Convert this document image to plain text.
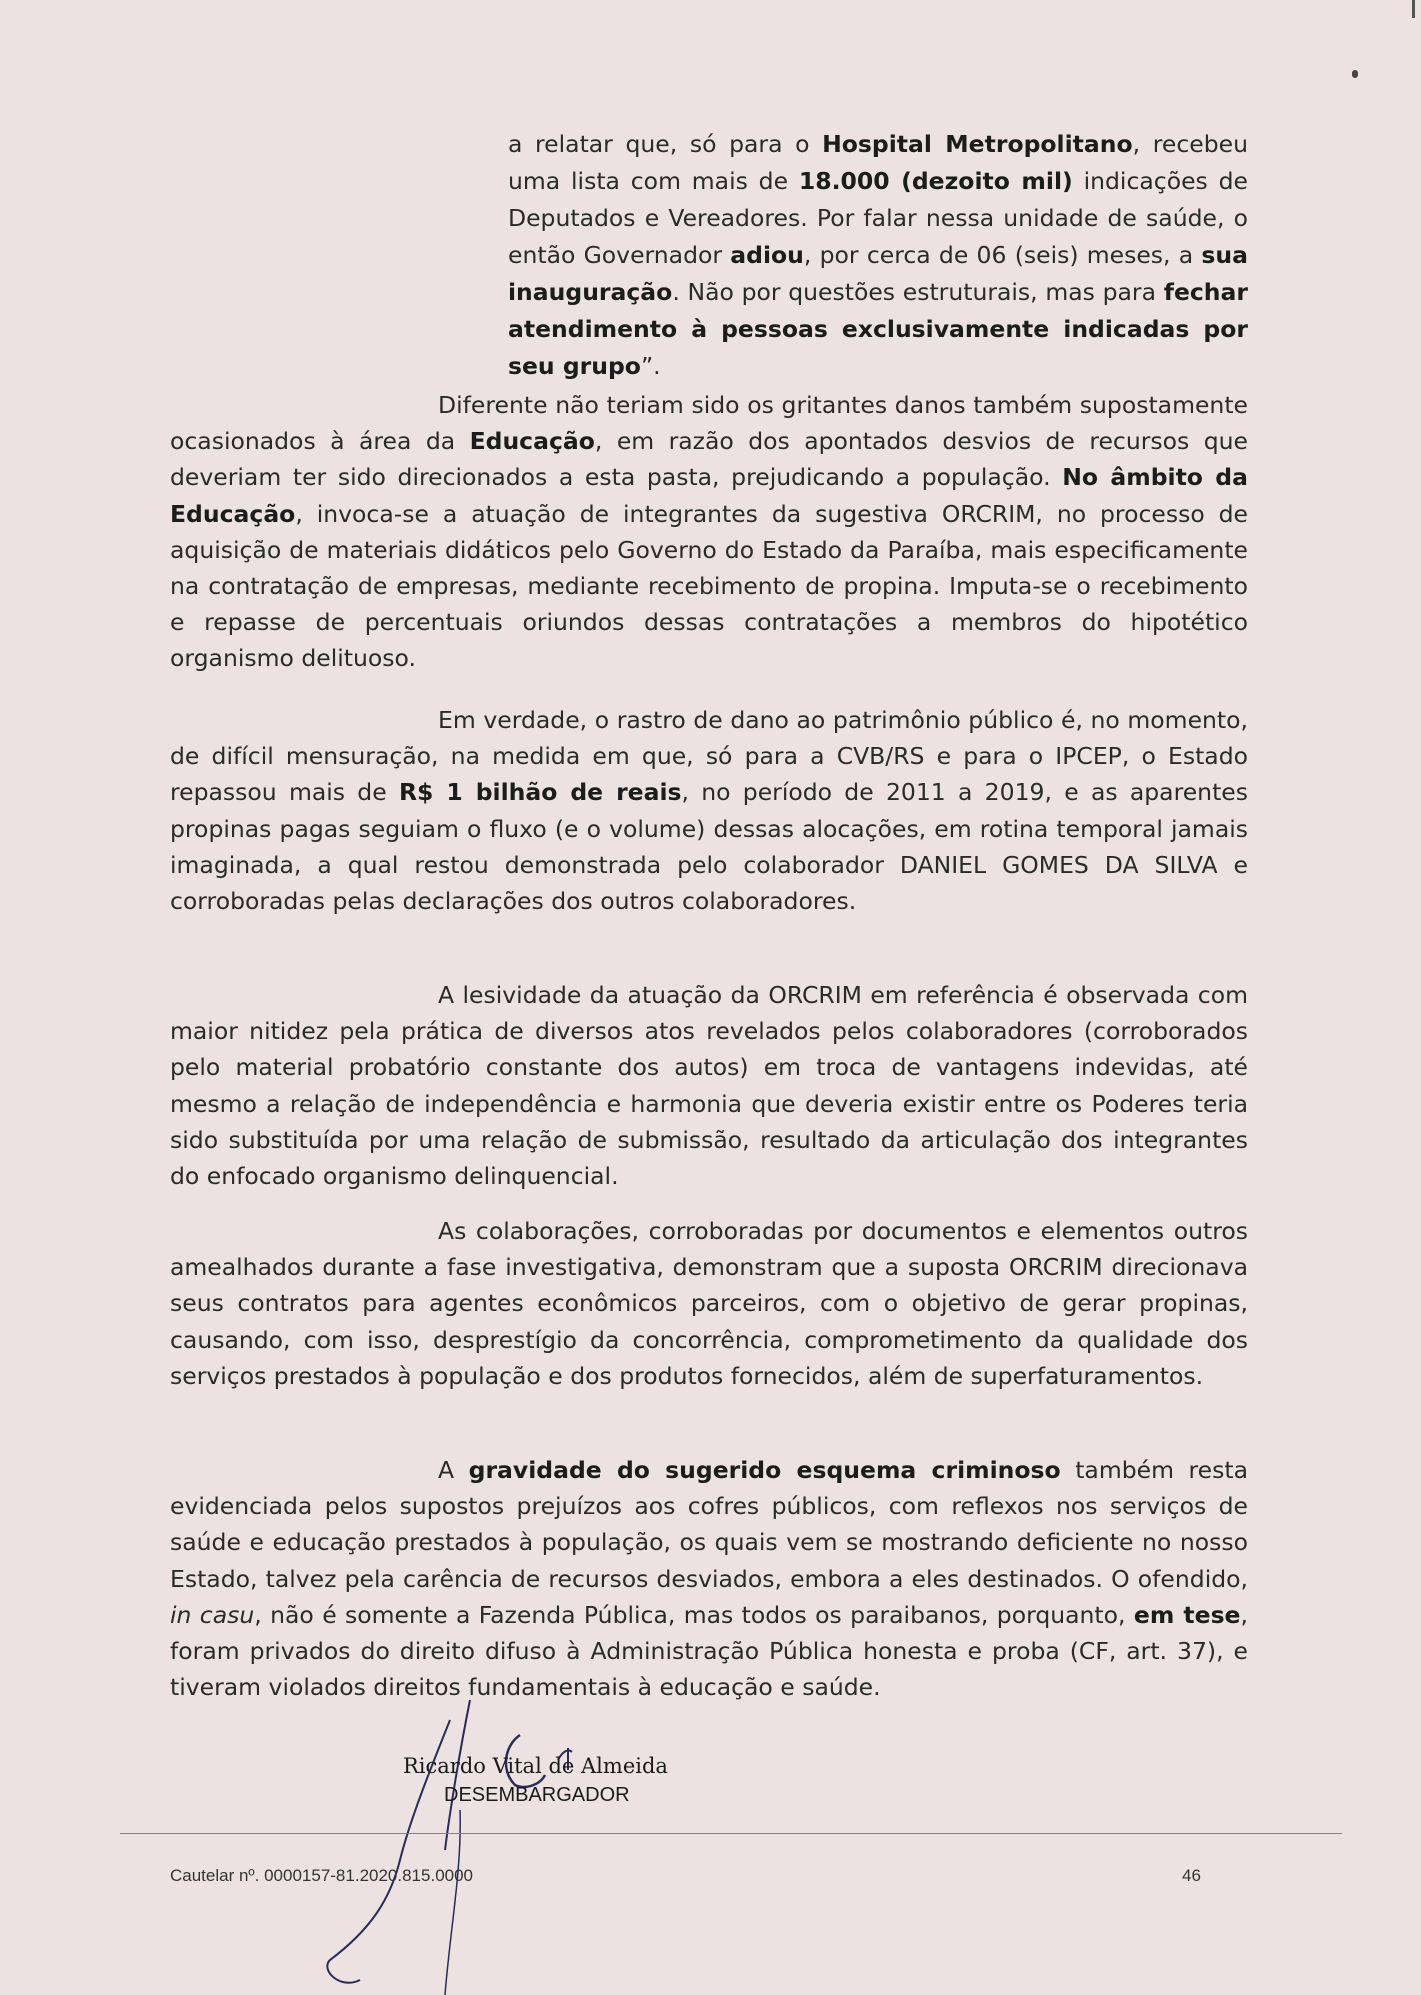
a relatar que, só para o Hospital Metropolitano, recebeu uma lista com mais de 18.000 (dezoito mil) indicações de Deputados e Vereadores. Por falar nessa unidade de saúde, o então Governador adiou, por cerca de 06 (seis) meses, a sua inauguração. Não por questões estruturais, mas para fechar atendimento à pessoas exclusivamente indicadas por seu grupo”.

Diferente não teriam sido os gritantes danos também supostamente ocasionados à área da Educação, em razão dos apontados desvios de recursos que deveriam ter sido direcionados a esta pasta, prejudicando a população. No âmbito da Educação, invoca-se a atuação de integrantes da sugestiva ORCRIM, no processo de aquisição de materiais didáticos pelo Governo do Estado da Paraíba, mais especificamente na contratação de empresas, mediante recebimento de propina. Imputa-se o recebimento e repasse de percentuais oriundos dessas contratações a membros do hipotético organismo delituoso.

Em verdade, o rastro de dano ao patrimônio público é, no momento, de difícil mensuração, na medida em que, só para a CVB/RS e para o IPCEP, o Estado repassou mais de R$ 1 bilhão de reais, no período de 2011 a 2019, e as aparentes propinas pagas seguiam o fluxo (e o volume) dessas alocações, em rotina temporal jamais imaginada, a qual restou demonstrada pelo colaborador DANIEL GOMES DA SILVA e corroboradas pelas declarações dos outros colaboradores.

A lesividade da atuação da ORCRIM em referência é observada com maior nitidez pela prática de diversos atos revelados pelos colaboradores (corroborados pelo material probatório constante dos autos) em troca de vantagens indevidas, até mesmo a relação de independência e harmonia que deveria existir entre os Poderes teria sido substituída por uma relação de submissão, resultado da articulação dos integrantes do enfocado organismo delinquencial.

As colaborações, corroboradas por documentos e elementos outros amealhados durante a fase investigativa, demonstram que a suposta ORCRIM direcionava seus contratos para agentes econômicos parceiros, com o objetivo de gerar propinas, causando, com isso, desprestígio da concorrência, comprometimento da qualidade dos serviços prestados à população e dos produtos fornecidos, além de superfaturamentos.

A gravidade do sugerido esquema criminoso também resta evidenciada pelos supostos prejuízos aos cofres públicos, com reflexos nos serviços de saúde e educação prestados à população, os quais vem se mostrando deficiente no nosso Estado, talvez pela carência de recursos desviados, embora a eles destinados. O ofendido, in casu, não é somente a Fazenda Pública, mas todos os paraibanos, porquanto, em tese, foram privados do direito difuso à Administração Pública honesta e proba (CF, art. 37), e tiveram violados direitos fundamentais à educação e saúde.

Ricardo Vital de Almeida
DESEMBARGADOR
Cautelar nº. 0000157-81.2020.815.0000	46
